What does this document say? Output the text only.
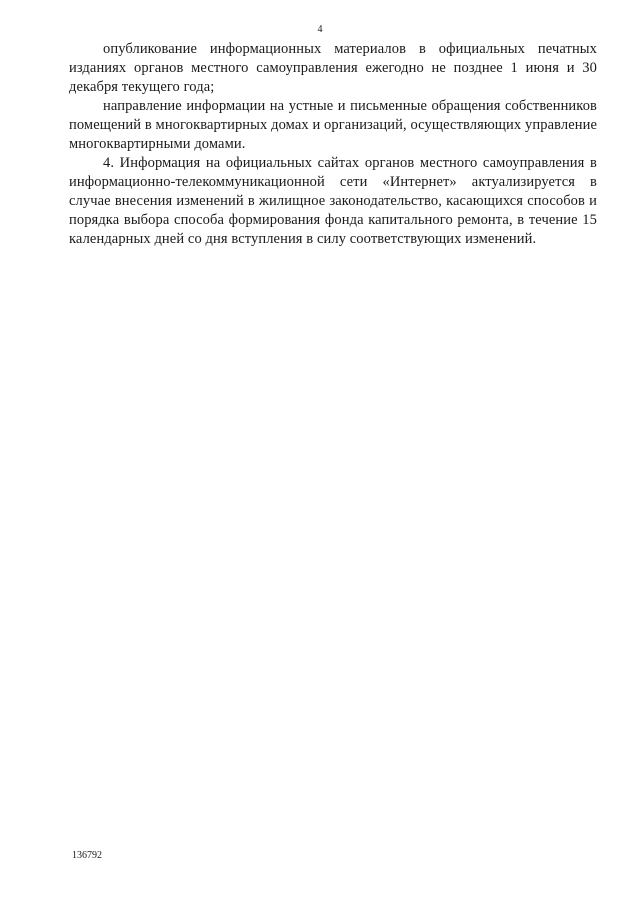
4

опубликование информационных материалов в официальных печатных изданиях органов местного самоуправления ежегодно не позднее 1 июня и 30 декабря текущего года;

направление информации на устные и письменные обращения собственников помещений в многоквартирных домах и организаций, осуществляющих управление многоквартирными домами.

4. Информация на официальных сайтах органов местного самоуправления в информационно-телекоммуникационной сети «Интернет» актуализируется в случае внесения изменений в жилищное законодательство, касающихся способов и порядка выбора способа формирования фонда капитального ремонта, в течение 15 календарных дней со дня вступления в силу соответствующих изменений.

136792
